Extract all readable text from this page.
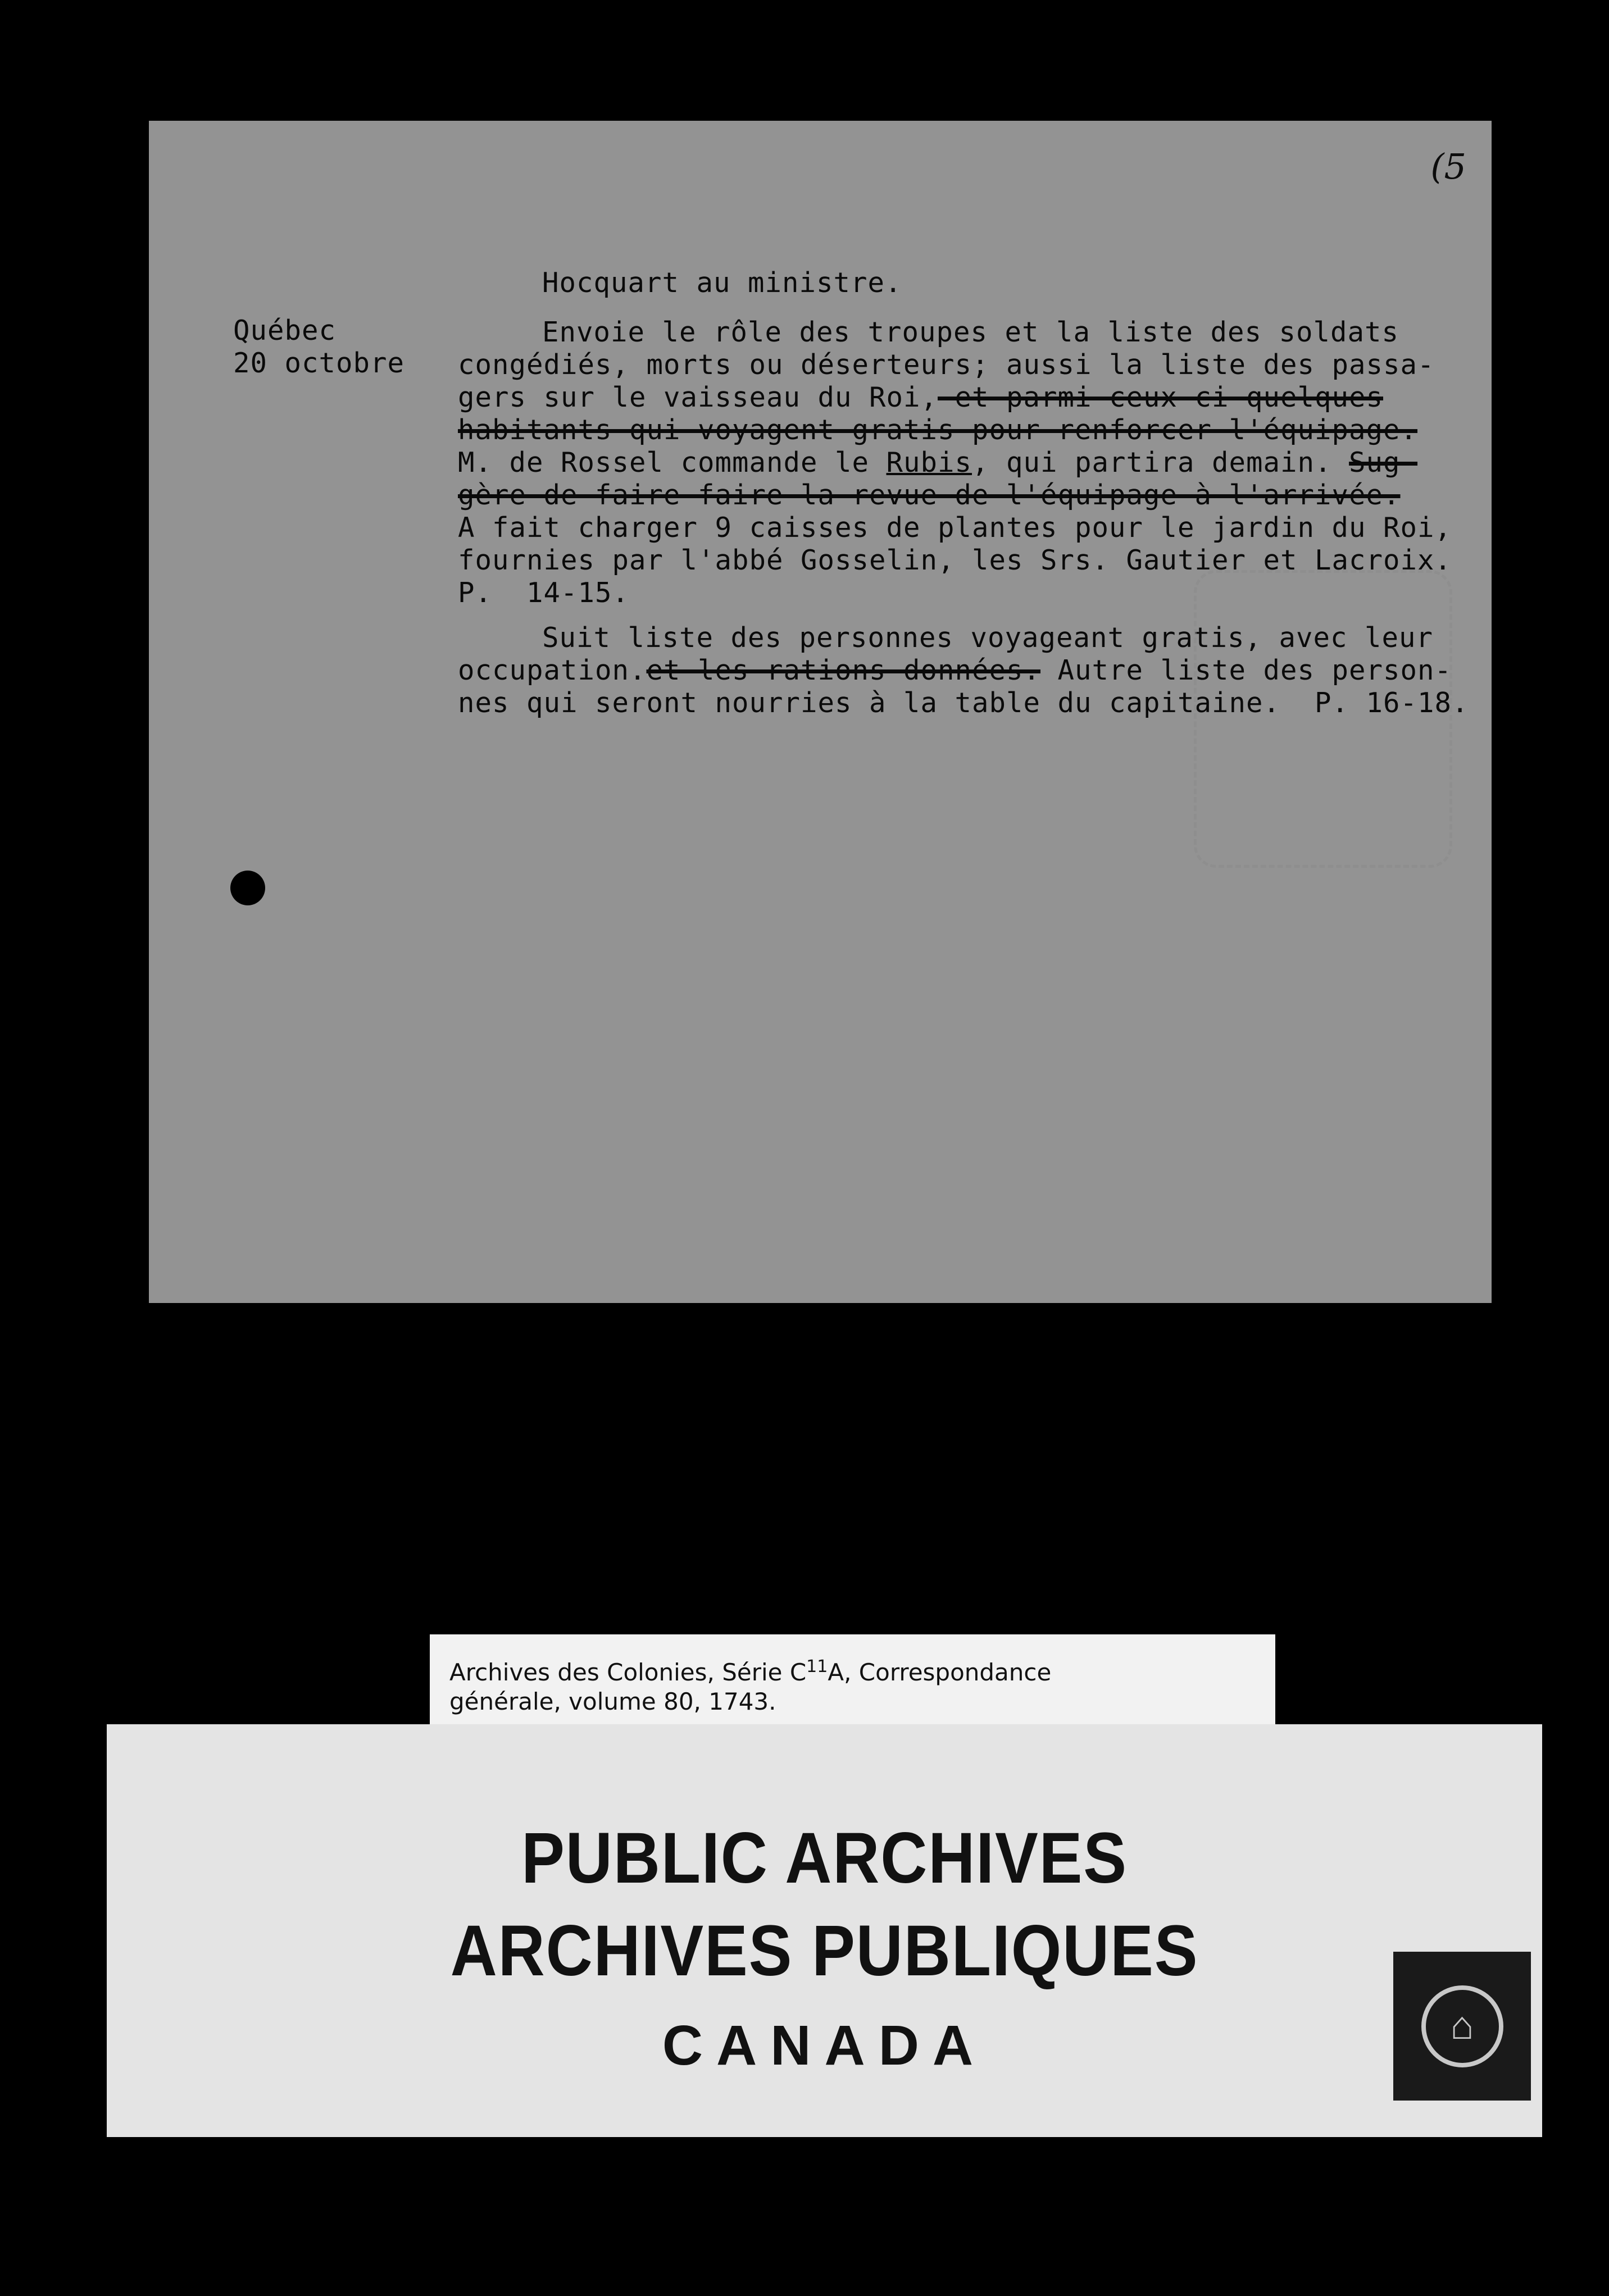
(5
Hocquart au ministre.
Québec
20 octobre

Envoie le rôle des troupes et la liste des soldats
congédiés, morts ou déserteurs; aussi la liste des passa-
gers sur le vaisseau du Roi, et parmi ceux-ci quelques
habitants qui voyagent gratis pour renforcer l'équipage.
M. de Rossel commande le Rubis, qui partira demain. Sug-
gère de faire faire la revue de l'équipage à l'arrivée.
A fait charger 9 caisses de plantes pour le jardin du Roi,
fournies par l'abbé Gosselin, les Srs. Gautier et Lacroix.
P.  14-15.

Suit liste des personnes voyageant gratis, avec leur
occupation.et les rations données. Autre liste des person-
nes qui seront nourries à la table du capitaine.  P. 16-18.

Archives des Colonies, Série $C^{11}A$, Correspondance
générale, volume 80, 1743.
PUBLIC ARCHIVES
ARCHIVES PUBLIQUES
CANADA	⌂
